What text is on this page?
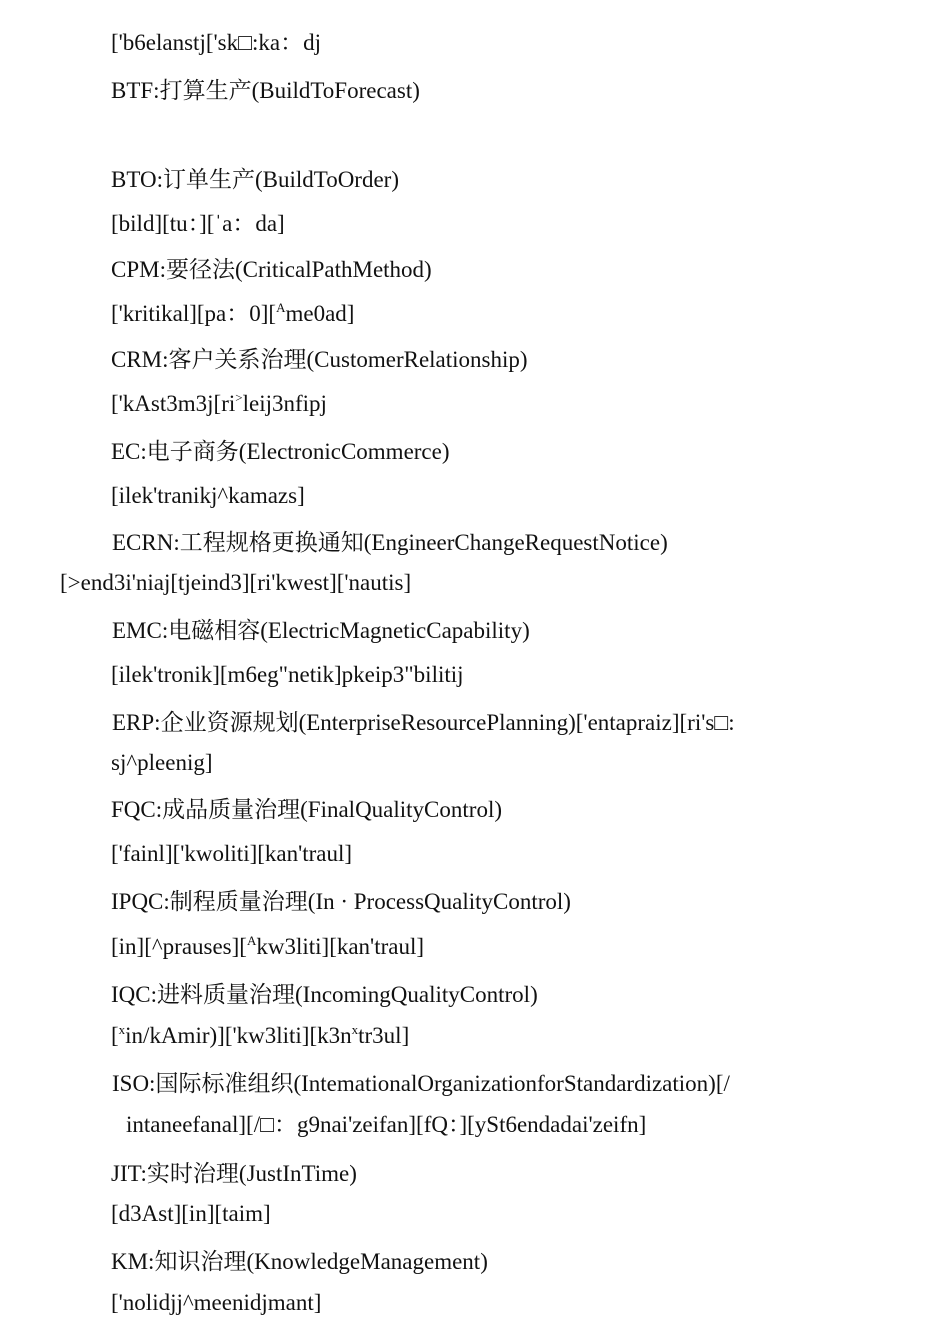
['b6elanstj['sk□:ka：dj
BTF:打算生产(BuildToForecast)
BTO:订单生产(BuildToOrder)
[bild][tu：][ˈa：da]
CPM:要径法(CriticalPathMethod)
['kritikal][pa：0][$^A$me0ad]
CRM:客户关系治理(CustomerRelationship)
['kAst3m3j[ri>leij3nfipj
EC:电子商务(ElectronicCommerce)
[ilek'tranikj^kamazs]
ECRN:工程规格更换通知(EngineerChangeRequestNotice)
[>end3i'niaj[tjeind3][ri'kwest]['nautis]
EMC:电磁相容(ElectricMagneticCapability)
[ilek'tronik][m6eg"netik]pkeip3"bilitij
ERP:企业资源规划(EnterpriseResourcePlanning)['entapraiz][ri's□:
sj^pleenig]
FQC:成品质量治理(FinalQualityControl)
['fainl]['kwoliti][kan'traul]
IPQC:制程质量治理(In · ProcessQualityControl)
[in][^prauses][$^A$kw3liti][kan'traul]
IQC:进料质量治理(IncomingQualityControl)
$[^xin/kAmir)]['kw3liti][k3n^xtr3ul]$
ISO:国际标准组织(IntemationalOrganizationforStandardization)[/
intaneefanal][/□：g9nai'zeifan][fQ：][ySt6endadai'zeifn]
JIT:实时治理(JustInTime)
[d3Ast][in][taim]
KM:知识治理(KnowledgeManagement)
['nolidjj^meenidjmant]
